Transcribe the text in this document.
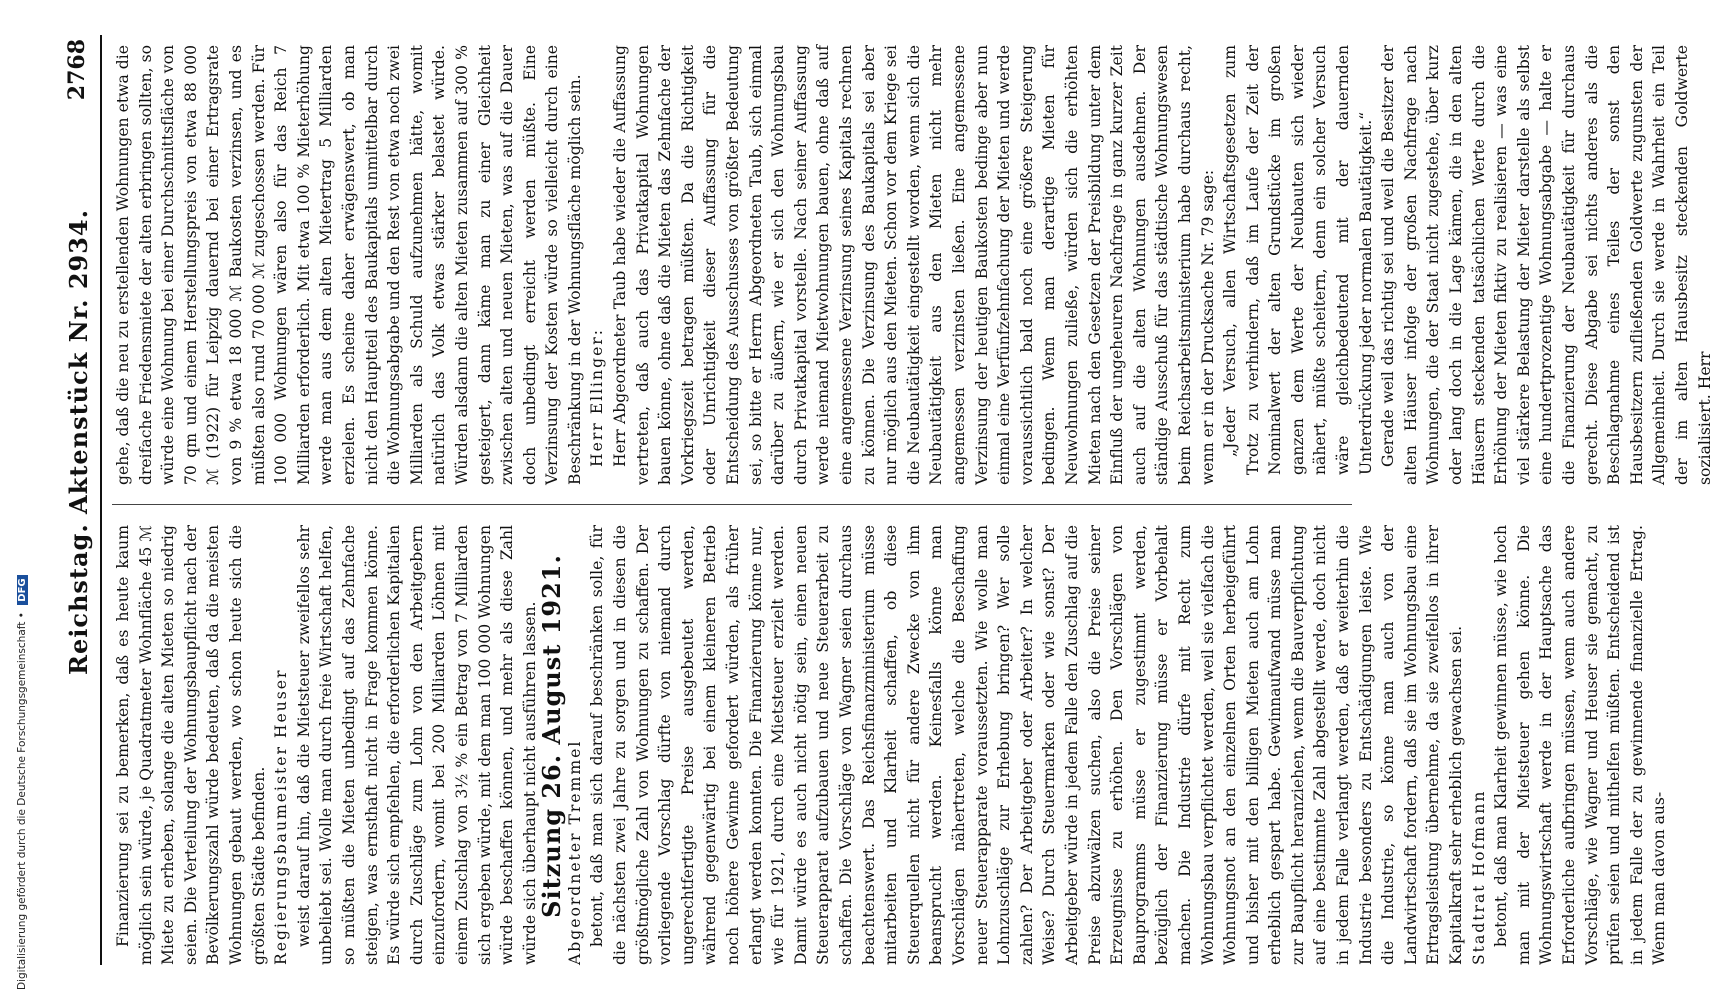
Digitalisierung gefördert durch die Deutsche Forschungsgemeinschaft • DFG Reichstag. Aktenstück Nr. 2934.
2768

Finanzierung sei zu bemerken, daß es heute kaum möglich sein würde, je Quadratmeter Wohnfläche 45 ℳ Miete zu erheben, solange die alten Mieten so niedrig seien. Die Verteilung der Wohnungsbaupflicht nach der Bevölkerungszahl würde bedeuten, daß da die meisten Wohnungen gebaut werden, wo schon heute sich die größten Städte befinden. Regierungsbaumeister Heuser weist darauf hin, daß die Mietsteuer zweifellos sehr unbeliebt sei. Wolle man durch freie Wirtschaft helfen, so müßten die Mieten unbedingt auf das Zehnfache steigen, was ernsthaft nicht in Frage kommen könne. Es würde sich empfehlen, die erforderlichen Kapitalien durch Zuschläge zum Lohn von den Arbeitgebern einzufordern, womit bei 200 Milliarden Löhnen mit einem Zuschlag von 3½ % ein Betrag von 7 Milliarden sich ergeben würde, mit dem man 100 000 Wohnungen würde beschaffen können, und mehr als diese Zahl würde sich überhaupt nicht ausführen lassen.

Sitzung 26. August 1921. Abgeordneter Tremmel betont, daß man sich darauf beschränken solle, für die nächsten zwei Jahre zu sorgen und in diesen die größtmögliche Zahl von Wohnungen zu schaffen. Der vorliegende Vorschlag dürfte von niemand durch ungerechtfertigte Preise ausgebeutet werden, während gegenwärtig bei einem kleineren Betrieb noch höhere Gewinne gefordert würden, als früher erlangt werden konnten. Die Finanzierung könne nur, wie für 1921, durch eine Mietsteuer erzielt werden. Damit würde es auch nicht nötig sein, einen neuen Steuerapparat aufzubauen und neue Steuerarbeit zu schaffen. Die Vorschläge von Wagner seien durchaus beachtenswert. Das Reichsfinanzministerium müsse mitarbeiten und Klarheit schaffen, ob diese Steuerquellen nicht für andere Zwecke von ihm beansprucht werden. Keinesfalls könne man Vorschlägen nähertreten, welche die Beschaffung neuer Steuerapparate voraussetzten. Wie wolle man Lohnzuschläge zur Erhebung bringen? Wer solle zahlen? Der Arbeitgeber oder Arbeiter? In welcher Weise? Durch Steuermarken oder wie sonst? Der Arbeitgeber würde in jedem Falle den Zuschlag auf die Preise abzuwälzen suchen, also die Preise seiner Erzeugnisse zu erhöhen. Den Vorschlägen von Bauprogramms müsse er zugestimmt werden, bezüglich der Finanzierung müsse er Vorbehalt machen. Die Industrie dürfe mit Recht zum Wohnungsbau verpflichtet werden, weil sie vielfach die Wohnungsnot an den einzelnen Orten herbeigeführt und bisher mit den billigen Mieten auch am Lohn erheblich gespart habe. Gewinnaufwand müsse man zur Baupflicht heranziehen, wenn die Bauverpflichtung auf eine bestimmte Zahl abgestellt werde, doch nicht in jedem Falle verlangt werden, daß er weiterhin die Industrie besonders zu Entschädigungen leiste. Wie die Industrie, so könne man auch von der Landwirtschaft fordern, daß sie im Wohnungsbau eine Ertragsleistung übernehme, da sie zweifellos in ihrer Kapitalkraft sehr erheblich gewachsen sei. Stadtrat Hofmann betont, daß man Klarheit gewinnen müsse, wie hoch man mit der Mietsteuer gehen könne. Die Wohnungswirtschaft werde in der Hauptsache das Erforderliche aufbringen müssen, wenn auch andere Vorschläge, wie Wagner und Heuser sie gemacht, zu prüfen seien und mithelfen müßten. Entscheidend ist in jedem Falle der zu gewinnende finanzielle Ertrag. Wenn man davon aus-

gehe, daß die neu zu erstellenden Wohnungen etwa die dreifache Friedensmiete der alten erbringen sollten, so würde eine Wohnung bei einer Durchschnittsfläche von 70 qm und einem Herstellungspreis von etwa 88 000 ℳ (1922) für Leipzig dauernd bei einer Ertragsrate von 9 % etwa 18 000 ℳ Baukosten verzinsen, und es müßten also rund 70 000 ℳ zugeschossen werden. Für 100 000 Wohnungen wären also für das Reich 7 Milliarden erforderlich. Mit etwa 100 % Mieterhöhung werde man aus dem alten Mietertrag 5 Milliarden erzielen. Es scheine daher erwägenswert, ob man nicht den Hauptteil des Baukapitals unmittelbar durch die Wohnungsabgabe und den Rest von etwa noch zwei Milliarden als Schuld aufzunehmen hätte, womit natürlich das Volk etwas stärker belastet würde. Würden alsdann die alten Mieten zusammen auf 300 % gesteigert, dann käme man zu einer Gleichheit zwischen alten und neuen Mieten, was auf die Dauer doch unbedingt erreicht werden müßte. Eine Verzinsung der Kosten würde so vielleicht durch eine Beschränkung in der Wohnungsfläche möglich sein. Herr Ellinger: Herr Abgeordneter Taub habe wieder die Auffassung vertreten, daß auch das Privatkapital Wohnungen bauen könne, ohne daß die Mieten das Zehnfache der Vorkriegszeit betragen müßten. Da die Richtigkeit oder Unrichtigkeit dieser Auffassung für die Entscheidung des Ausschusses von größter Bedeutung sei, so bitte er Herrn Abgeordneten Taub, sich einmal darüber zu äußern, wie er sich den Wohnungsbau durch Privatkapital vorstelle. Nach seiner Auffassung werde niemand Mietwohnungen bauen, ohne daß auf eine angemessene Verzinsung seines Kapitals rechnen zu können. Die Verzinsung des Baukapitals sei aber nur möglich aus den Mieten. Schon vor dem Kriege sei die Neubautätigkeit eingestellt worden, wenn sich die Neubautätigkeit aus den Mieten nicht mehr angemessen verzinsten ließen. Eine angemessene Verzinsung der heutigen Baukosten bedinge aber nun einmal eine Verfünfzehnfachung der Mieten und werde voraussichtlich bald noch eine größere Steigerung bedingen. Wenn man derartige Mieten für Neuwohnungen zuließe, würden sich die erhöhten Mieten nach den Gesetzen der Preisbildung unter dem Einfluß der ungeheuren Nachfrage in ganz kurzer Zeit auch auf die alten Wohnungen ausdehnen. Der ständige Ausschuß für das städtische Wohnungswesen beim Reichsarbeitsministerium habe durchaus recht, wenn er in der Drucksache Nr. 79 sage: „Jeder Versuch, allen Wirtschaftsgesetzen zum Trotz zu verhindern, daß im Laufe der Zeit der Nominalwert der alten Grundstücke im großen ganzen dem Werte der Neubauten sich wieder nähert, müßte scheitern, denn ein solcher Versuch wäre gleichbedeutend mit der dauernden Unterdrückung jeder normalen Bautätigkeit.“ Gerade weil das richtig sei und weil die Besitzer der alten Häuser infolge der großen Nachfrage nach Wohnungen, die der Staat nicht zugestehe, über kurz oder lang doch in die Lage kämen, die in den alten Häusern steckenden tatsächlichen Werte durch die Erhöhung der Mieten fiktiv zu realisieren — was eine viel stärkere Belastung der Mieter darstelle als selbst eine hundertprozentige Wohnungsabgabe — halte er die Finanzierung der Neubautätigkeit für durchaus gerecht. Diese Abgabe sei nichts anderes als die Beschlagnahme eines Teiles der sonst den Hausbesitzern zufließenden Goldwerte zugunsten der Allgemeinheit. Durch sie werde in Wahrheit ein Teil der im alten Hausbesitz steckenden Goldwerte sozialisiert. Herr
